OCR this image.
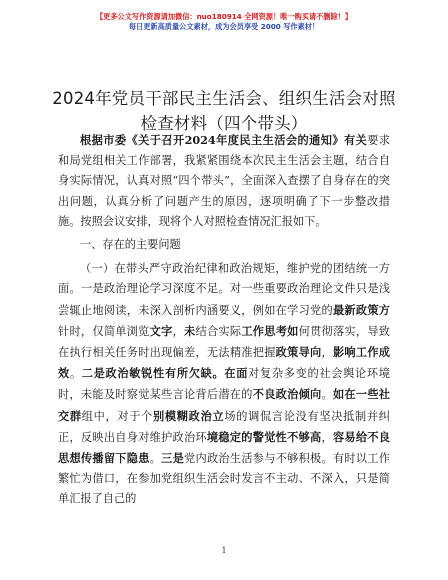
【更多公文写作资源请加微信：nuo180914 全网资源！唯一购买请不删除！】
每日更新高质量公文素材，成为会员享受 2000 写作素材！
2024年党员干部民主生活会、组织生活会对照
检查材料（四个带头）

根据市委《关于召开2024年度民主生活会的通知》有关要求和局党组相关工作部署，我紧紧围绕本次民主生活会主题，结合自身实际情况，认真对照“四个带头”，全面深入查摆了自身存在的突出问题，认真分析了问题产生的原因，逐项明确了下一步整改措施。按照会议安排，现将个人对照检查情况汇报如下。

一、存在的主要问题

（一）在带头严守政治纪律和政治规矩，维护党的团结统一方面。一是政治理论学习深度不足。对一些重要政治理论文件只是浅尝辄止地阅读，未深入剖析内涵要义，例如在学习党的最新政策方针时，仅简单浏览文字，未结合实际工作思考如何贯彻落实，导致在执行相关任务时出现偏差，无法精准把握政策导向，影响工作成效。二是政治敏锐性有所欠缺。在面对复杂多变的社会舆论环境时，未能及时察觉某些言论背后潜在的不良政治倾向。如在一些社交群组中，对于个别模糊政治立场的调侃言论没有坚决抵制并纠正，反映出自身对维护政治环境稳定的警觉性不够高，容易给不良思想传播留下隐患。三是党内政治生活参与不够积极。有时以工作繁忙为借口，在参加党组织生活会时发言不主动、不深入，只是简单汇报了自己的

1
